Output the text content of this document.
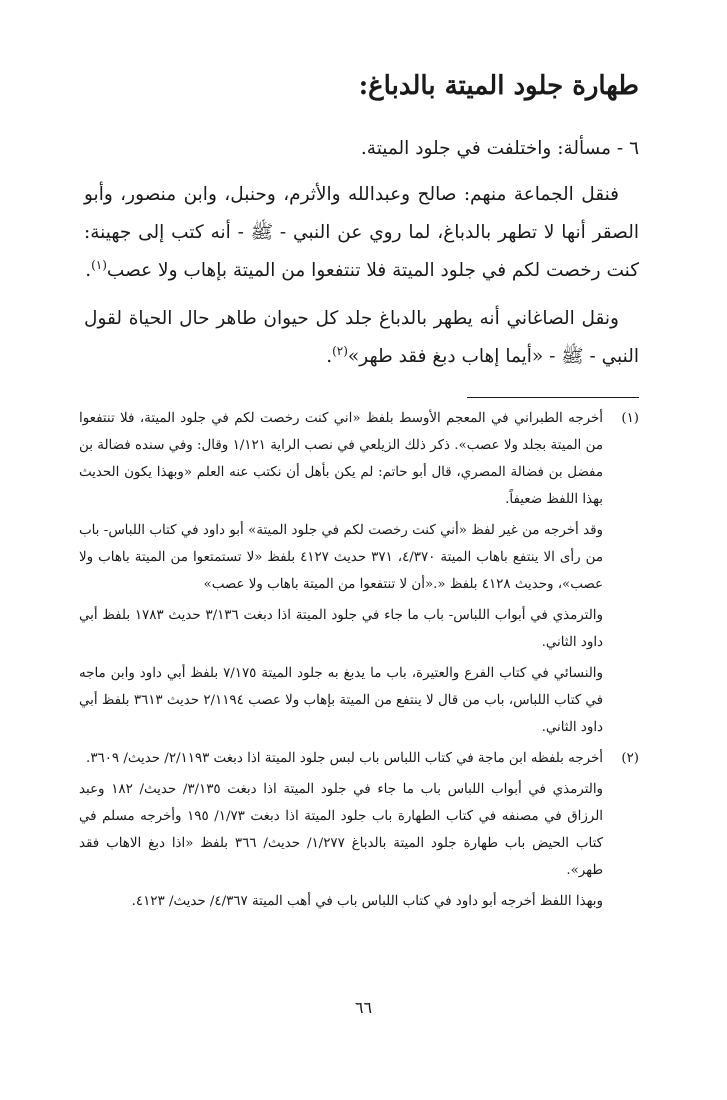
طهارة جلود الميتة بالدباغ:

٦ - مسألة: واختلفت في جلود الميتة.

فنقل الجماعة منهم: صالح وعبدالله والأثرم، وحنبل، وابن منصور، وأبو الصقر أنها لا تطهر بالدباغ، لما روي عن النبي - ﷺ - أنه كتب إلى جهينة: كنت رخصت لكم في جلود الميتة فلا تنتفعوا من الميتة بإهاب ولا عصب$^{(١)}$.

ونقل الصاغاني أنه يطهر بالدباغ جلد كل حيوان طاهر حال الحياة لقول النبي - ﷺ - «أيما إهاب دبغ فقد طهر»$^{(٢)}$.

(١)

أخرجه الطبراني في المعجم الأوسط بلفظ «اني كنت رخصت لكم في جلود الميتة، فلا تنتفعوا من الميتة بجلد ولا عصب». ذكر ذلك الزيلعي في نصب الراية ١/١٢١ وقال: وفي سنده فضالة بن مفضل بن فضالة المصري، قال أبو حاتم: لم يكن بأهل أن نكتب عنه العلم «وبهذا يكون الحديث بهذا اللفظ ضعيفاً.

وقد أخرجه من غير لفظ «أني كنت رخصت لكم في جلود الميتة» أبو داود في كتاب اللباس- باب من رأى الا ينتفع باهاب الميتة ٤/٣٧٠، ٣٧١ حديث ٤١٢٧ بلفظ «لا تستمتعوا من الميتة باهاب ولا عصب»، وحديث ٤١٢٨ بلفظ «.«أن لا تنتفعوا من الميتة باهاب ولا عصب»

والترمذي في أبواب اللباس- باب ما جاء في جلود الميتة اذا دبغت ٣/١٣٦ حديث ١٧٨٣ بلفظ أبي داود الثاني.

والنسائي في كتاب الفرع والعتيرة، باب ما يدبغ به جلود الميتة ٧/١٧٥ بلفظ أبي داود وابن ماجه في كتاب اللباس، باب من قال لا ينتفع من الميتة بإهاب ولا عصب ٢/١١٩٤ حديث ٣٦١٣ بلفظ أبي داود الثاني.

(٢)

أخرجه بلفظه ابن ماجة في كتاب اللباس باب لبس جلود الميتة اذا دبغت ٢/١١٩٣/ حديث/ ٣٦٠٩.

والترمذي في أبواب اللباس باب ما جاء في جلود الميتة اذا دبغت ٣/١٣٥/ حديث/ ١٨٢ وعبد الرزاق في مصنفه في كتاب الطهارة باب جلود الميتة اذا دبغت ١/٧٣/ ١٩٥ وأخرجه مسلم في كتاب الحيض باب طهارة جلود الميتة بالدباغ ١/٢٧٧/ حديث/ ٣٦٦ بلفظ «اذا دبغ الاهاب فقد طهر».

وبهذا اللفظ أخرجه أبو داود في كتاب اللباس باب في أهب الميتة ٤/٣٦٧/ حديث/ ٤١٢٣.

٦٦
